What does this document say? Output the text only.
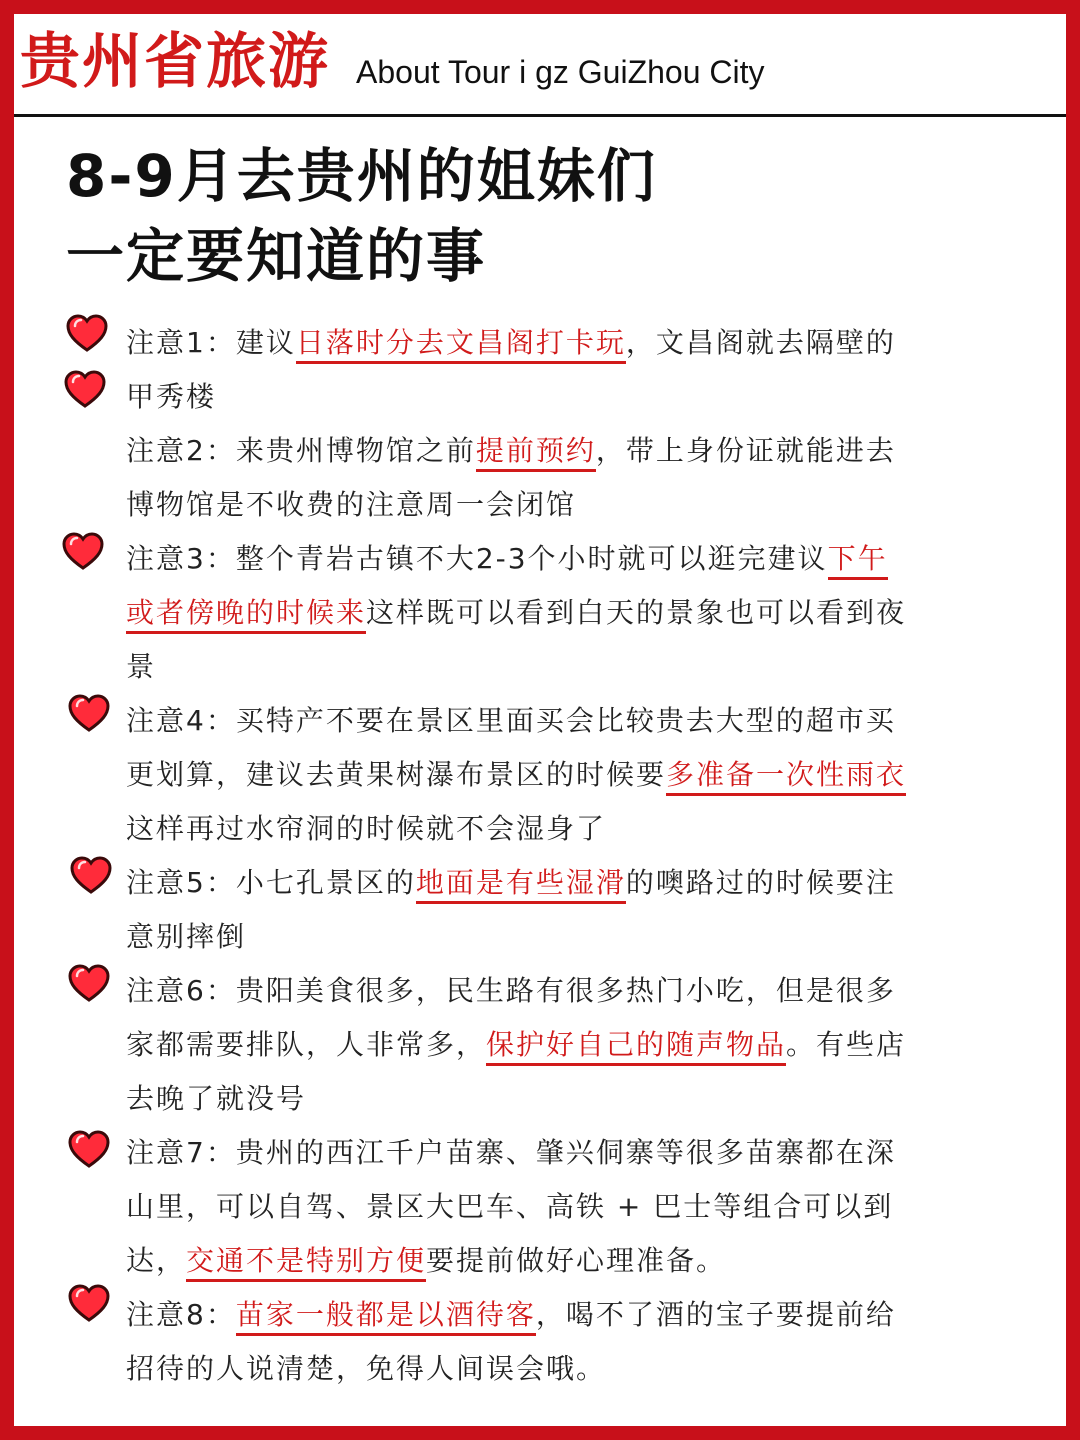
贵州省旅游 About Tour i gz GuiZhou City
8-9月去贵州的姐妹们
一定要知道的事
注意1：建议日落时分去文昌阁打卡玩，文昌阁就去隔壁的
甲秀楼
注意2：来贵州博物馆之前提前预约，带上身份证就能进去
博物馆是不收费的注意周一会闭馆
注意3：整个青岩古镇不大2-3个小时就可以逛完建议下午
或者傍晚的时候来这样既可以看到白天的景象也可以看到夜
景
注意4：买特产不要在景区里面买会比较贵去大型的超市买
更划算，建议去黄果树瀑布景区的时候要多准备一次性雨衣
这样再过水帘洞的时候就不会湿身了
注意5：小七孔景区的地面是有些湿滑的噢路过的时候要注
意别摔倒
注意6：贵阳美食很多，民生路有很多热门小吃，但是很多
家都需要排队，人非常多，保护好自己的随声物品。有些店
去晚了就没号
注意7：贵州的西江千户苗寨、肇兴侗寨等很多苗寨都在深
山里，可以自驾、景区大巴车、高铁 + 巴士等组合可以到
达，交通不是特别方便要提前做好心理准备。
注意8：苗家一般都是以酒待客，喝不了酒的宝子要提前给
招待的人说清楚，免得人间误会哦。
